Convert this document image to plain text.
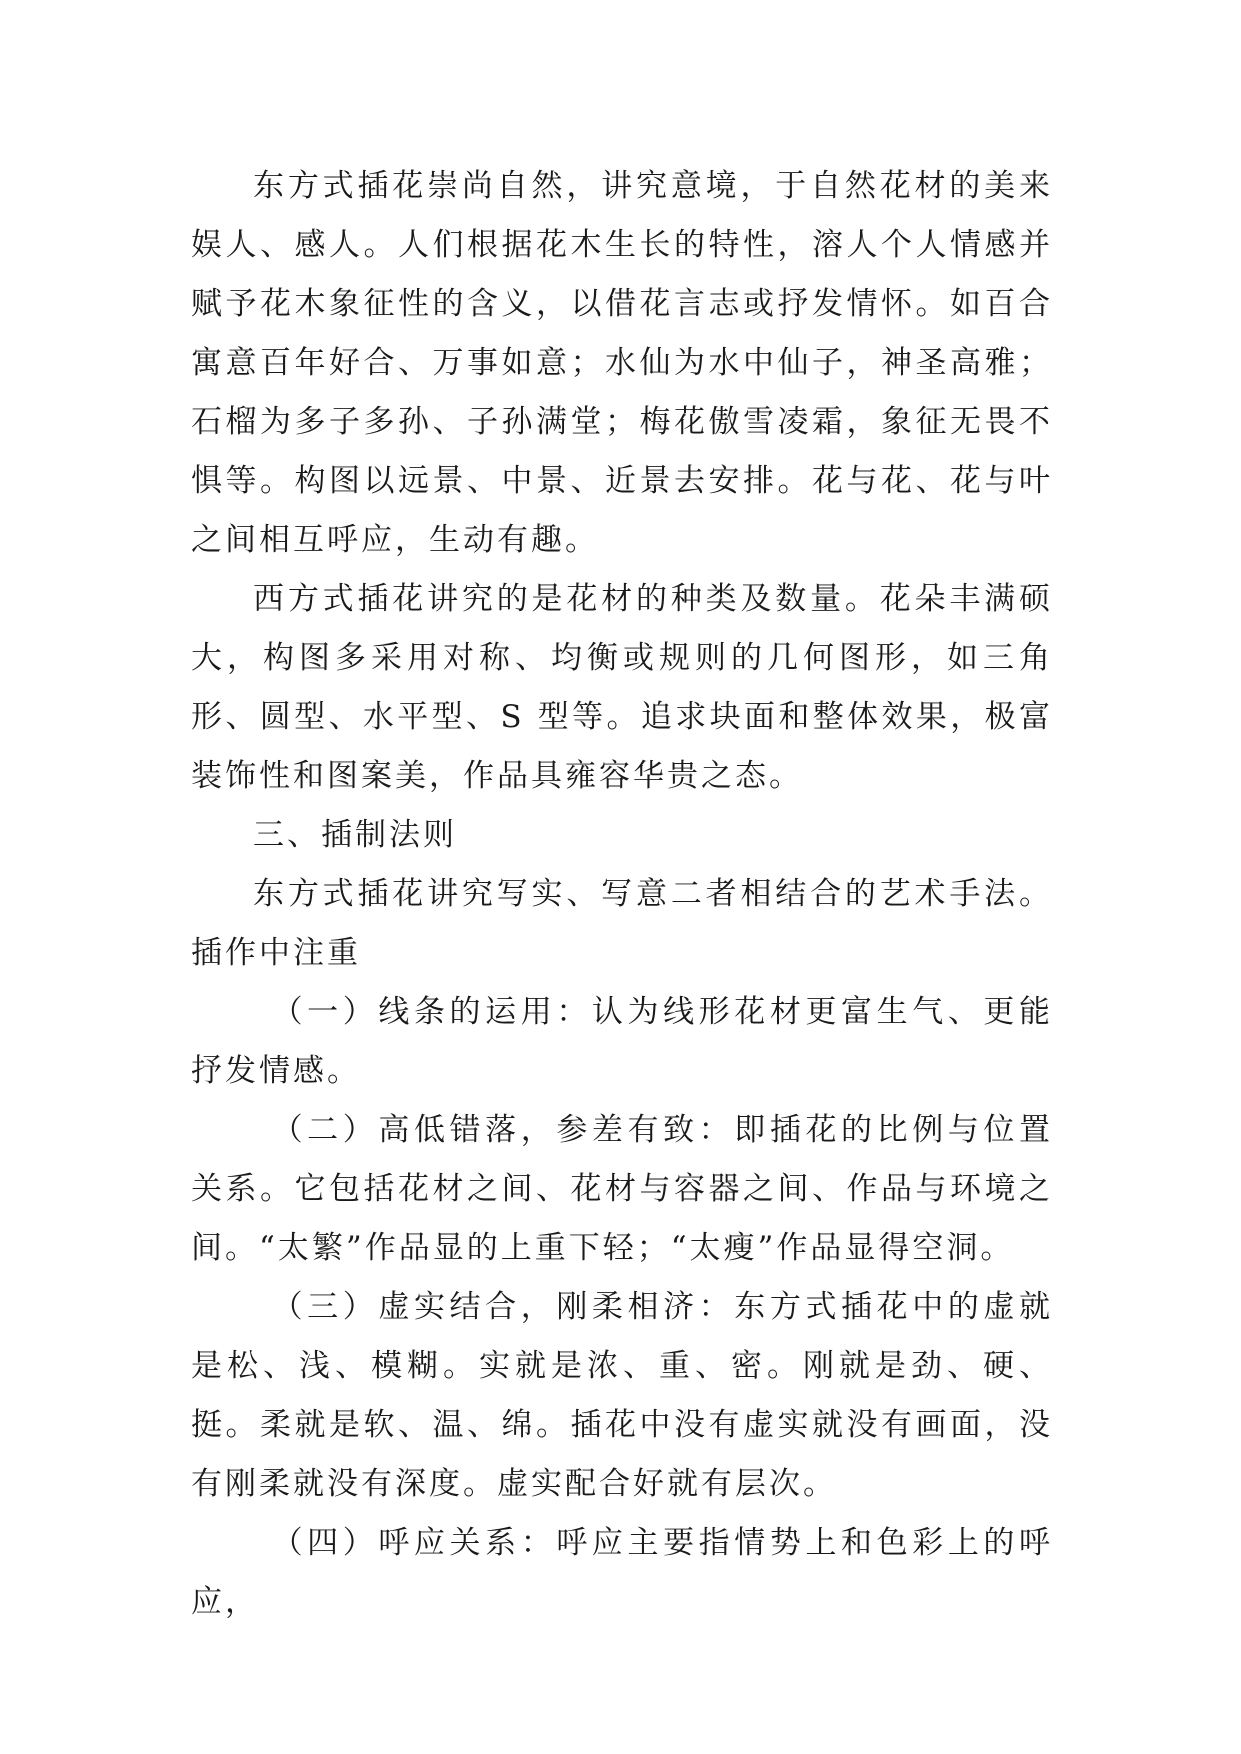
东方式插花崇尚自然，讲究意境，于自然花材的美来娱人、感人。人们根据花木生长的特性，溶人个人情感并赋予花木象征性的含义，以借花言志或抒发情怀。如百合寓意百年好合、万事如意；水仙为水中仙子，神圣高雅；石榴为多子多孙、子孙满堂；梅花傲雪凌霜，象征无畏不惧等。构图以远景、中景、近景去安排。花与花、花与叶之间相互呼应，生动有趣。

西方式插花讲究的是花材的种类及数量。花朵丰满硕大，构图多采用对称、均衡或规则的几何图形，如三角形、圆型、水平型、S 型等。追求块面和整体效果，极富装饰性和图案美，作品具雍容华贵之态。

三、插制法则

东方式插花讲究写实、写意二者相结合的艺术手法。插作中注重

（一）线条的运用：认为线形花材更富生气、更能抒发情感。

（二）高低错落，参差有致：即插花的比例与位置关系。它包括花材之间、花材与容器之间、作品与环境之间。“太繁”作品显的上重下轻；“太瘦”作品显得空洞。

（三）虚实结合，刚柔相济：东方式插花中的虚就是松、浅、模糊。实就是浓、重、密。刚就是劲、硬、挺。柔就是软、温、绵。插花中没有虚实就没有画面，没有刚柔就没有深度。虚实配合好就有层次。

（四）呼应关系：呼应主要指情势上和色彩上的呼应，
